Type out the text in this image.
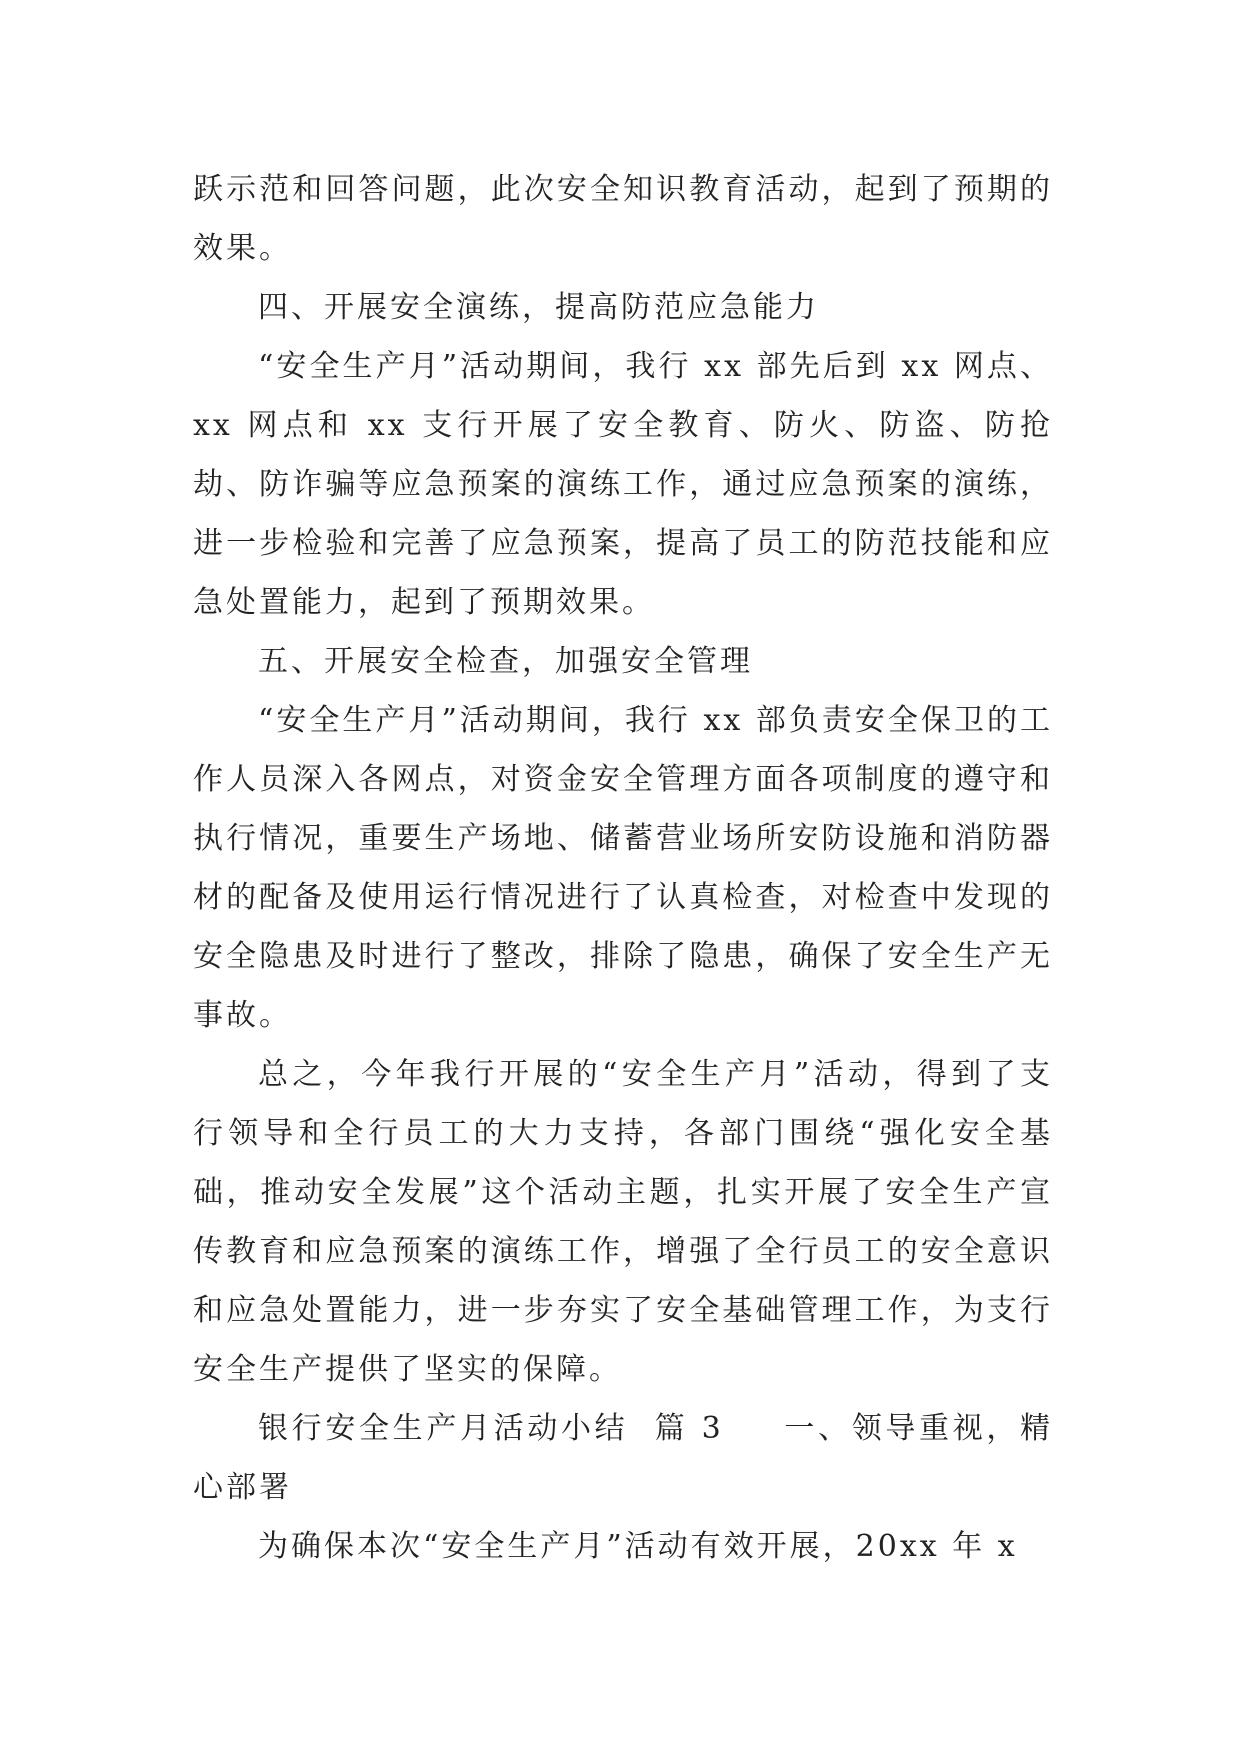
跃示范和回答问题，此次安全知识教育活动，起到了预期的效果。

四、开展安全演练，提高防范应急能力

“安全生产月”活动期间，我行 xx 部先后到 xx 网点、xx 网点和 xx 支行开展了安全教育、防火、防盗、防抢劫、防诈骗等应急预案的演练工作，通过应急预案的演练，进一步检验和完善了应急预案，提高了员工的防范技能和应急处置能力，起到了预期效果。

五、开展安全检查，加强安全管理

“安全生产月”活动期间，我行 xx 部负责安全保卫的工作人员深入各网点，对资金安全管理方面各项制度的遵守和执行情况，重要生产场地、储蓄营业场所安防设施和消防器材的配备及使用运行情况进行了认真检查，对检查中发现的安全隐患及时进行了整改，排除了隐患，确保了安全生产无事故。

总之，今年我行开展的“安全生产月”活动，得到了支行领导和全行员工的大力支持，各部门围绕“强化安全基础，推动安全发展”这个活动主题，扎实开展了安全生产宣传教育和应急预案的演练工作，增强了全行员工的安全意识和应急处置能力，进一步夯实了安全基础管理工作，为支行安全生产提供了坚实的保障。

银行安全生产月活动小结 篇 3 一、领导重视，精心部署

为确保本次“安全生产月”活动有效开展，20xx 年 x
